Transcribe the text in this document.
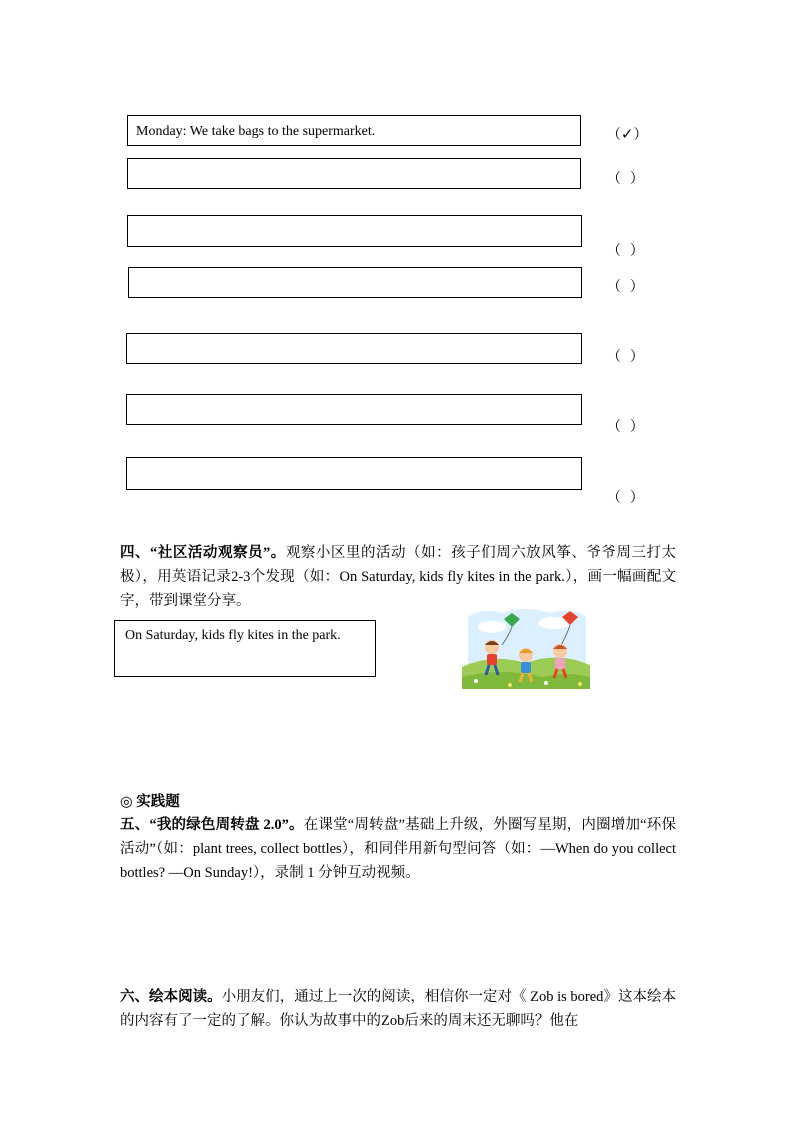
Monday: We take bags to the supermarket.	（✓）

（ ）

（ ）

（ ）

（ ）

（ ）

（ ）

四、“社区活动观察员”。观察小区里的活动（如：孩子们周六放风筝、爷爷周三打太极），用英语记录2-3个发现（如：On Saturday, kids fly kites in the park.），画一幅画配文字，带到课堂分享。
On Saturday, kids fly kites in the park.
◎ 实践题
五、“我的绿色周转盘 2.0”。在课堂“周转盘”基础上升级，外圈写星期，内圈增加“环保活动”（如：plant trees, collect bottles），和同伴用新句型问答（如：—When do you collect bottles? —On Sunday!），录制 1 分钟互动视频。
六、绘本阅读。小朋友们，通过上一次的阅读，相信你一定对《 Zob is bored》这本绘本的内容有了一定的了解。你认为故事中的Zob后来的周末还无聊吗？他在
